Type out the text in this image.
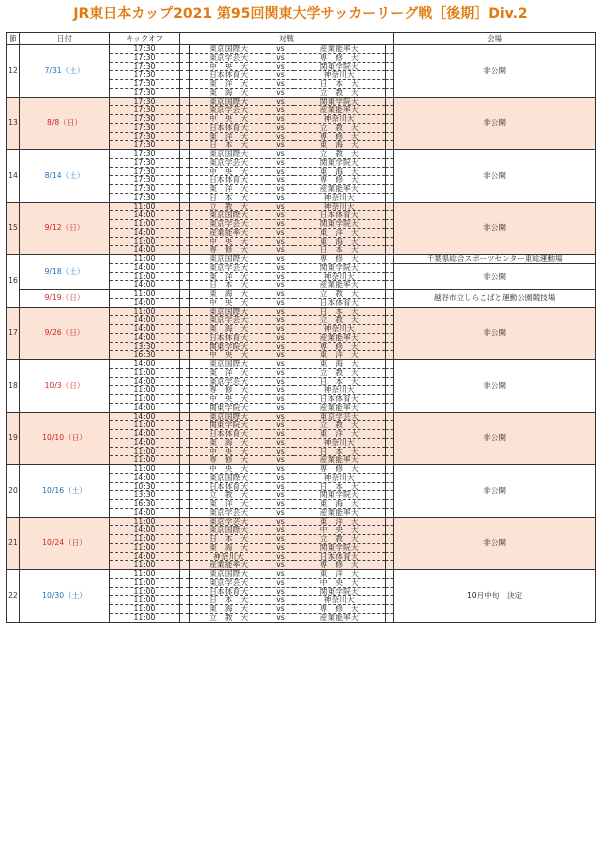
JR東日本カップ2021 第95回関東大学サッカーリーグ戦［後期］Div.2
節	日付	キックオフ	対戦					会場
12	7/31（土）	17:30		東京国際大	vs	産業能率大		非公開
		17:30		東京学芸大	vs	専　修　大		
		17:30		中　央　大	vs	関東学院大		
		17:30		日本体育大	vs	神奈川大		
		17:30		東　洋　大	vs	日　本　大		
		17:30		東　海　大	vs	立　教　大		
13	8/8（日）	17:30		東京国際大	vs	関東学院大		非公開
		17:30		東京学芸大	vs	産業能率大		
		17:30		中　央　大	vs	神奈川大		
		17:30		日本体育大	vs	立　教　大		
		17:30		東　洋　大	vs	専　修　大		
		17:30		日　本　大	vs	東　海　大		
14	8/14（土）	17:30		東京国際大	vs	立　教　大		非公開
		17:30		東京学芸大	vs	関東学院大		
		17:30		中　央　大	vs	東　海　大		
		17:30		日本体育大	vs	専　修　大		
		17:30		東　洋　大	vs	産業能率大		
		17:30		日　本　大	vs	神奈川大		
15	9/12（日）	11:00		立　教　大	vs	神奈川大		非公開
		14:00		東京国際大	vs	日本体育大		
		11:00		東京学芸大	vs	関東学院大		
		14:00		産業能率大	vs	東　洋　大		
		11:00		中　央　大	vs	東　海　大		
		14:00		専　修　大	vs	日　本　大		
16	9/18（土）	11:00		東京国際大	vs	専　修　大		千葉県総合スポーツセンター東総運動場
		14:00		東京学芸大	vs	関東学院大		非公開
		11:00		東　洋　大	vs	神奈川大		
		14:00		日　本　大	vs	産業能率大		
	9/19（日）	11:00		東　海　大	vs	立　教　大		越谷市立しらこばと運動公園競技場
		14:00		中　央　大	vs	日本体育大		
17	9/26（日）	11:00		東京国際大	vs	日　本　大		非公開
		14:00		東京学芸大	vs	立　教　大		
		14:00		東　海　大	vs	神奈川大		
		14:00		日本体育大	vs	産業能率大		
		13:30		関東学院大	vs	専　修　大		
		16:30		中　央　大	vs	東　洋　大		
18	10/3（日）	14:00		東京国際大	vs	東　海　大		非公開
		11:00		東　洋　大	vs	立　教　大		
		14:00		東京学芸大	vs	日　本　大		
		11:00		専　修　大	vs	神奈川大		
		11:00		中　央　大	vs	日本体育大		
		14:00		関東学院大	vs	産業能率大		
19	10/10（日）	14:00		東京国際大	vs	東京学芸大		非公開
		11:00		関東学院大	vs	立　教　大		
		14:00		日本体育大	vs	東　洋　大		
		14:00		東　海　大	vs	神奈川大		
		11:00		中　央　大	vs	日　本　大		
		11:00		専　修　大	vs	産業能率大		
20	10/16（土）	11:00		中　央　大	vs	専　修　大		非公開
		14:00		東京国際大	vs	神奈川大		
		10:30		日本体育大	vs	日　本　大		
		13:30		立　教　大	vs	関東学院大		
		16:30		東　洋　大	vs	東　海　大		
		14:00		東京学芸大	vs	産業能率大		
21	10/24（日）	11:00		東京学芸大	vs	東　洋　大		非公開
		14:00		東京国際大	vs	中　央　大		
		11:00		日　本　大	vs	立　教　大		
		11:00		東　海　大	vs	関東学院大		
		14:00		神奈川大	vs	日本体育大		
		11:00		産業能率大	vs	専　修　大		
22	10/30（土）	11:00		東京国際大	vs	東　洋　大		10月中旬　決定
		11:00		東京学芸大	vs	中　央　大		
		11:00		日本体育大	vs	関東学院大		
		11:00		日　本　大	vs	神奈川大		
		11:00		東　海　大	vs	専　修　大		
		11:00		立　教　大	vs	産業能率大		
